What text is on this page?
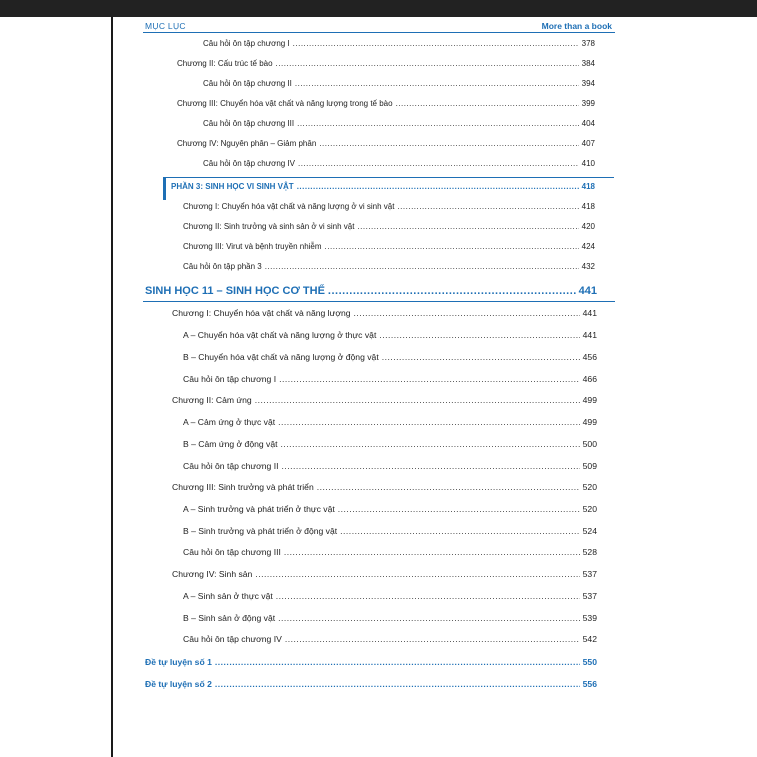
MỤC LỤC	More than a book
Câu hỏi ôn tập chương I .....	378
Chương II: Cấu trúc tế bào .....	384
Câu hỏi ôn tập chương II .....	394
Chương III: Chuyển hóa vật chất và năng lượng trong tế bào .....	399
Câu hỏi ôn tập chương III .....	404
Chương IV: Nguyên phân – Giảm phân .....	407
Câu hỏi ôn tập chương IV .....	410
PHẦN 3: SINH HỌC VI SINH VẬT .....	418
Chương I: Chuyển hóa vật chất và năng lượng ở vi sinh vật .....	418
Chương II: Sinh trưởng và sinh sản ở vi sinh vật .....	420
Chương III: Virut và bệnh truyền nhiễm .....	424
Câu hỏi ôn tập phần 3 .....	432
SINH HỌC 11 – SINH HỌC CƠ THỂ .....	441
Chương I: Chuyển hóa vật chất và năng lượng .....	441
A – Chuyển hóa vật chất và năng lượng ở thực vật .....	441
B – Chuyển hóa vật chất và năng lượng ở động vật .....	456
Câu hỏi ôn tập chương I .....	466
Chương II: Cảm ứng .....	499
A – Cảm ứng ở thực vật .....	499
B – Cảm ứng ở động vật .....	500
Câu hỏi ôn tập chương II .....	509
Chương III: Sinh trưởng và phát triển .....	520
A – Sinh trưởng và phát triển ở thực vật .....	520
B – Sinh trưởng và phát triển ở động vật .....	524
Câu hỏi ôn tập chương III .....	528
Chương IV: Sinh sản .....	537
A – Sinh sản ở thực vật .....	537
B – Sinh sản ở động vật .....	539
Câu hỏi ôn tập chương IV .....	542
Đề tự luyện số 1 .....	550
Đề tự luyện số 2 .....	556
